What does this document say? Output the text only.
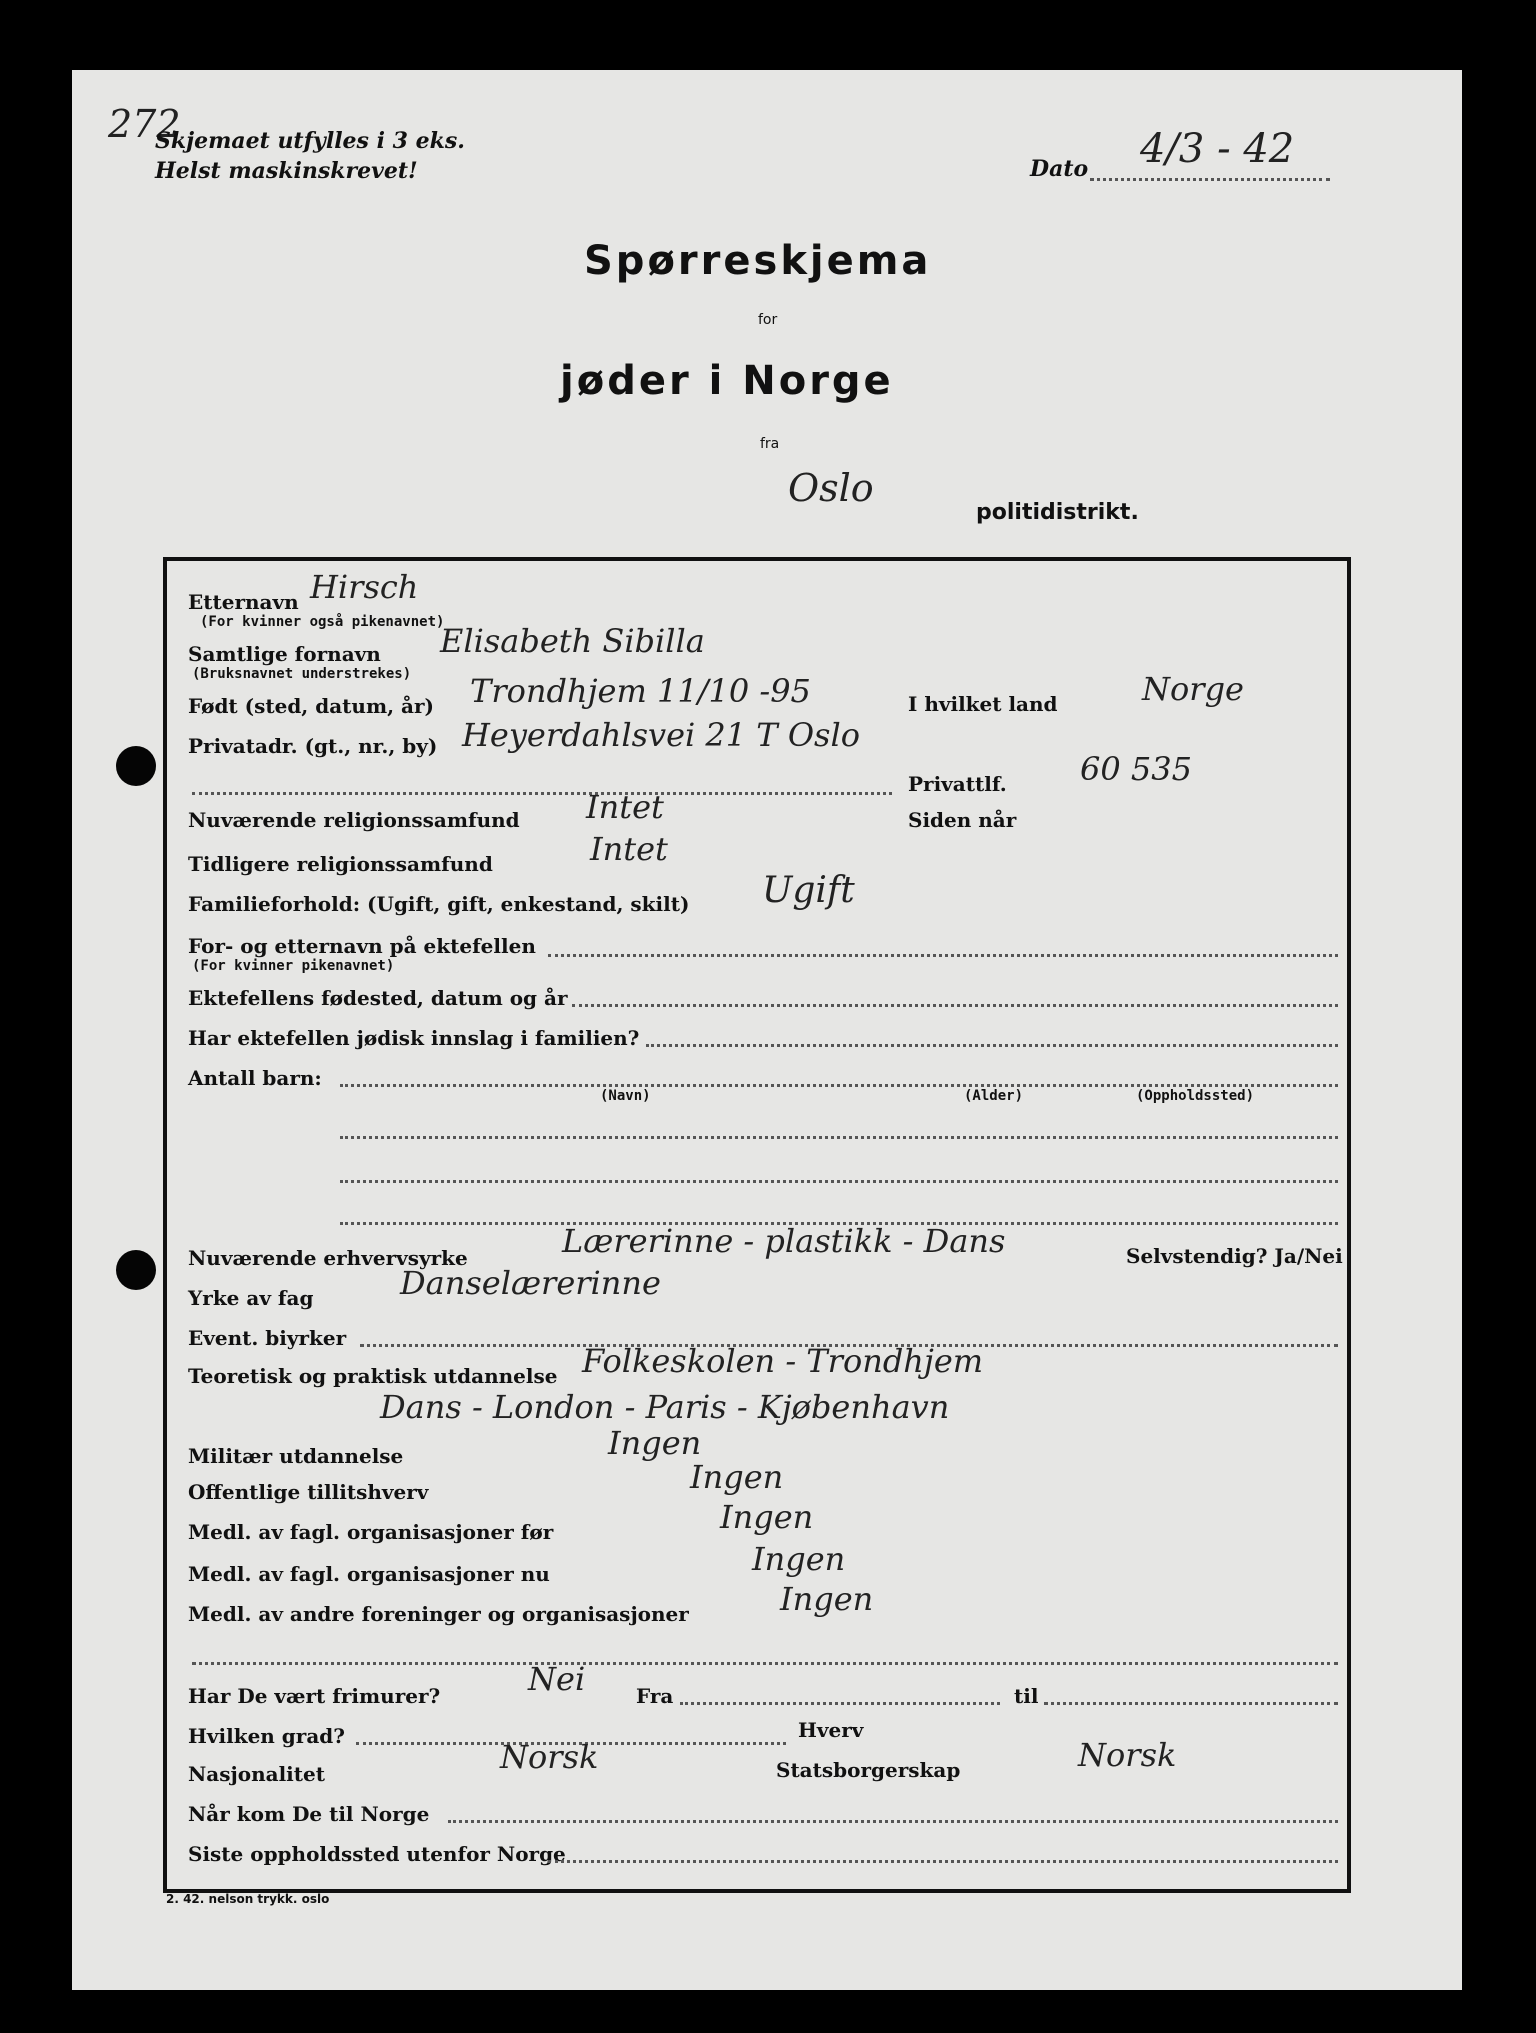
272
Skjemaet utfylles i 3 eks.
Helst maskinskrevet!	Dato 4/3 - 42
Spørreskjema
for
jøder i Norge
fra
Oslo
politidistrikt.
Etternavn
(For kvinner også pikenavnet)
Hirsch
Samtlige fornavn
(Bruksnavnet understrekes)
Elisabeth Sibilla
Født (sted, datum, år) Trondhjem 11/10 -95	I hvilket land	Norge
Privatadr. (gt., nr., by) Heyerdahlsvei 21 T Oslo
Privattlf. 60 535
Nuværende religionssamfund Intet	Siden når
Tidligere religionssamfund	Intet
Familieforhold: (Ugift, gift, enkestand, skilt) Ugift
For- og etternavn på ektefellen
(For kvinner pikenavnet)
Ektefellens fødested, datum og år
Har ektefellen jødisk innslag i familien?
Antall barn:
(Navn)	(Alder)	(Oppholdssted)
Nuværende erhvervsyrke	Lærerinne - plastikk - Dans	Selvstendig? Ja/Nei
Yrke av fag	Danselærerinne
Event. biyrker
Teoretisk og praktisk utdannelse Folkeskolen - Trondhjem
Dans - London - Paris - Kjøbenhavn
Militær utdannelse	Ingen
Offentlige tillitshverv	Ingen
Medl. av fagl. organisasjoner før	Ingen
Medl. av fagl. organisasjoner nu	Ingen
Medl. av andre foreninger og organisasjoner	Ingen
Har De vært frimurer?	Nei	Fra	til
Hvilken grad?	Hverv
Nasjonalitet	Norsk	Statsborgerskap	Norsk
Når kom De til Norge
Siste oppholdssted utenfor Norge
2. 42. nelson trykk. oslo
